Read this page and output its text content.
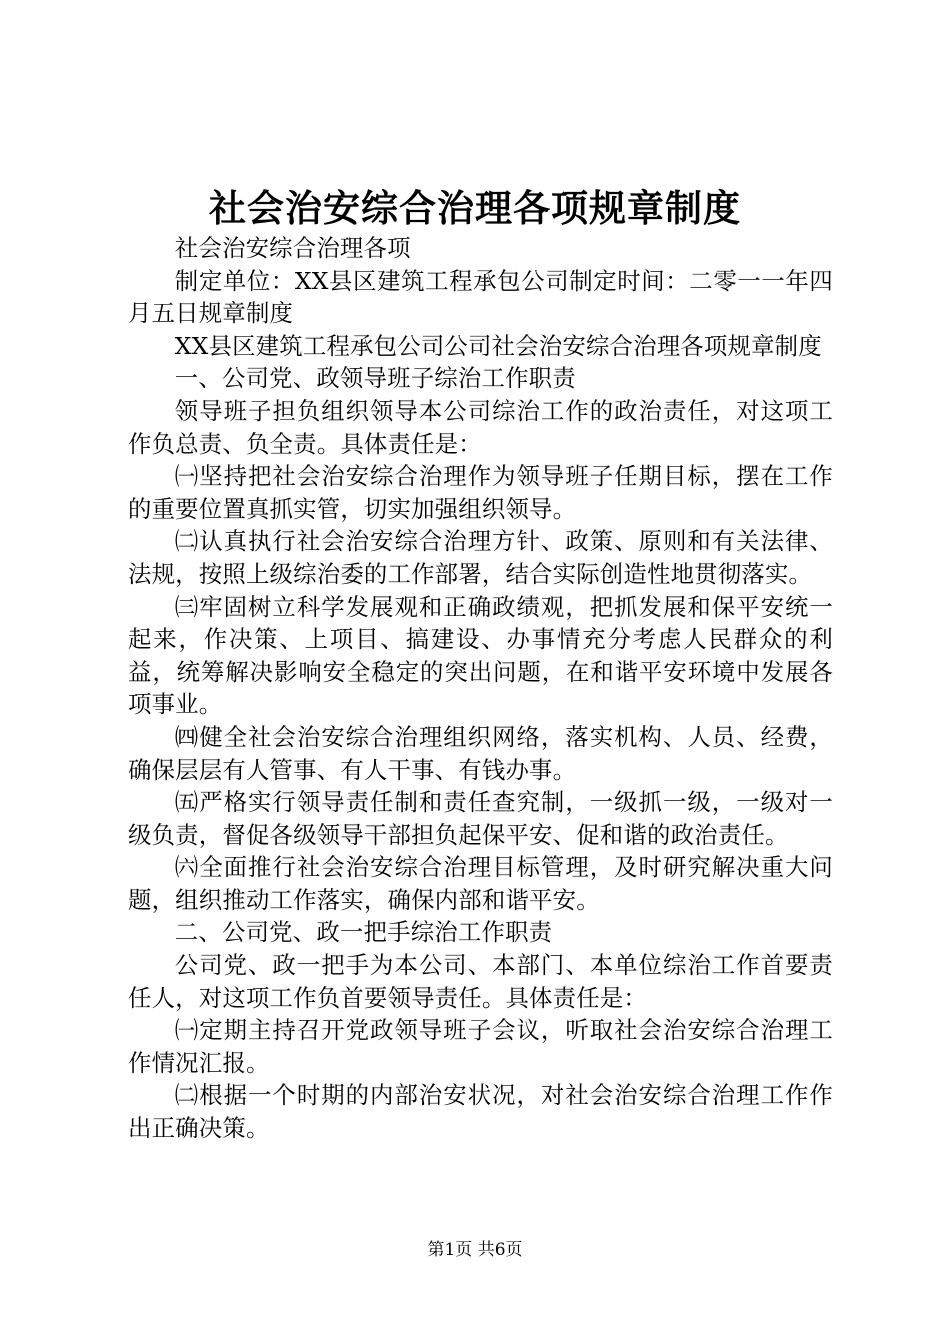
社会治安综合治理各项规章制度

社会治安综合治理各项

制定单位：XX县区建筑工程承包公司制定时间：二零一一年四月五日规章制度

XX县区建筑工程承包公司公司社会治安综合治理各项规章制度

一、公司党、政领导班子综治工作职责

领导班子担负组织领导本公司综治工作的政治责任，对这项工作负总责、负全责。具体责任是：

㈠坚持把社会治安综合治理作为领导班子任期目标，摆在工作的重要位置真抓实管，切实加强组织领导。

㈡认真执行社会治安综合治理方针、政策、原则和有关法律、法规，按照上级综治委的工作部署，结合实际创造性地贯彻落实。

㈢牢固树立科学发展观和正确政绩观，把抓发展和保平安统一起来，作决策、上项目、搞建设、办事情充分考虑人民群众的利益，统筹解决影响安全稳定的突出问题，在和谐平安环境中发展各项事业。

㈣健全社会治安综合治理组织网络，落实机构、人员、经费，确保层层有人管事、有人干事、有钱办事。

㈤严格实行领导责任制和责任查究制，一级抓一级，一级对一级负责，督促各级领导干部担负起保平安、促和谐的政治责任。

㈥全面推行社会治安综合治理目标管理，及时研究解决重大问题，组织推动工作落实，确保内部和谐平安。

二、公司党、政一把手综治工作职责

公司党、政一把手为本公司、本部门、本单位综治工作首要责任人，对这项工作负首要领导责任。具体责任是：

㈠定期主持召开党政领导班子会议，听取社会治安综合治理工作情况汇报。

㈡根据一个时期的内部治安状况，对社会治安综合治理工作作出正确决策。

第1页 共6页
